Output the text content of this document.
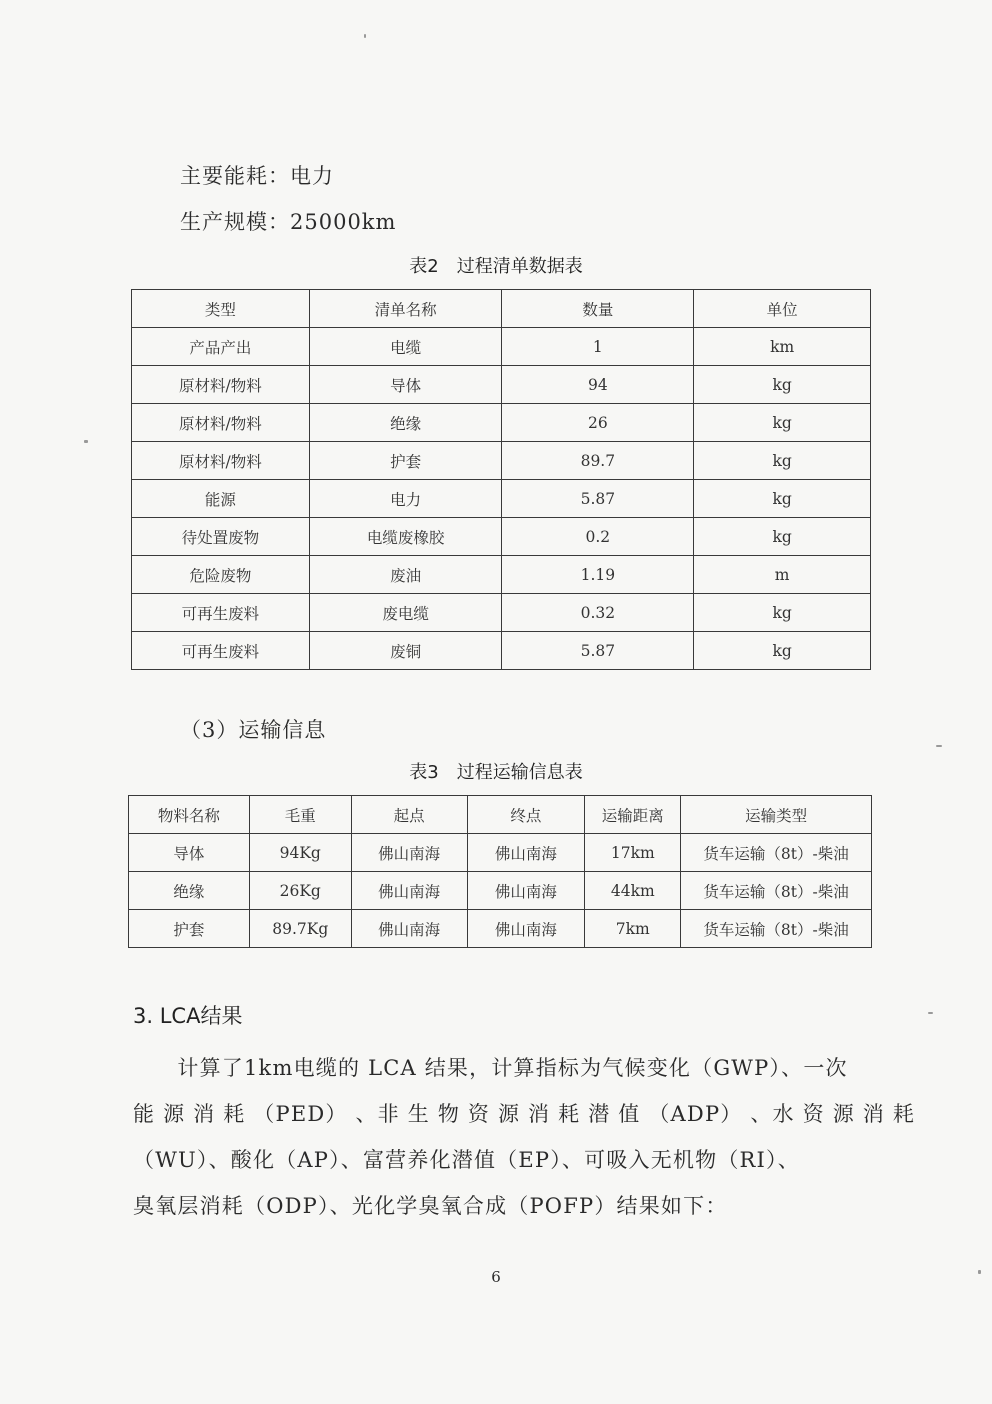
主要能耗：电力
生产规模：25000km
表2　过程清单数据表
类型	清单名称	数量	单位
产品产出	电缆	1	km
原材料/物料	导体	94	kg
原材料/物料	绝缘	26	kg
原材料/物料	护套	89.7	kg
能源	电力	5.87	kg
待处置废物	电缆废橡胶	0.2	kg
危险废物	废油	1.19	m
可再生废料	废电缆	0.32	kg
可再生废料	废铜	5.87	kg
（3）运输信息
表3　过程运输信息表
物料名称	毛重	起点	终点	运输距离	运输类型
导体	94Kg	佛山南海	佛山南海	17km	货车运输（8t）-柴油
绝缘	26Kg	佛山南海	佛山南海	44km	货车运输（8t）-柴油
护套	89.7Kg	佛山南海	佛山南海	7km	货车运输（8t）-柴油
3. LCA结果

　　计算了1km电缆的 LCA 结果，计算指标为气候变化（GWP）、一次

能 源 消 耗 （PED） 、非 生 物 资 源 消 耗 潜 值 （ADP） 、水 资 源 消 耗

（WU）、酸化（AP）、富营养化潜值（EP）、可吸入无机物（RI）、

臭氧层消耗（ODP）、光化学臭氧合成（POFP）结果如下：

6
